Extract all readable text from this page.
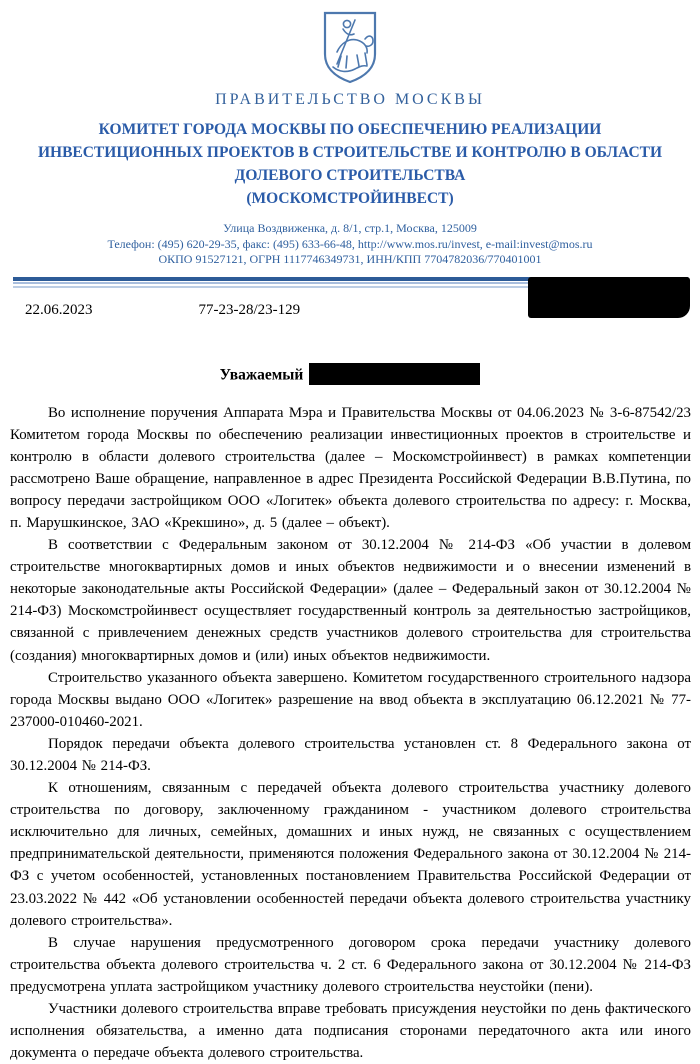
ПРАВИТЕЛЬСТВО МОСКВЫ
КОМИТЕТ ГОРОДА МОСКВЫ ПО ОБЕСПЕЧЕНИЮ РЕАЛИЗАЦИИ ИНВЕСТИЦИОННЫХ ПРОЕКТОВ В СТРОИТЕЛЬСТВЕ И КОНТРОЛЮ В ОБЛАСТИ ДОЛЕВОГО СТРОИТЕЛЬСТВА
(МОСКОМСТРОЙИНВЕСТ)
Улица Воздвиженка, д. 8/1, стр.1, Москва, 125009
Телефон: (495) 620-29-35, факс: (495) 633-66-48, http://www.mos.ru/invest, e-mail:invest@mos.ru
ОКПО 91527121, ОГРН 1117746349731, ИНН/КПП 7704782036/770401001
22.06.2023	77-23-28/23-129
Уважаемый

Во исполнение поручения Аппарата Мэра и Правительства Москвы от 04.06.2023 № 3-6-87542/23 Комитетом города Москвы по обеспечению реализации инвестиционных проектов в строительстве и контролю в области долевого строительства (далее – Москомстройинвест) в рамках компетенции рассмотрено Ваше обращение, направленное в адрес Президента Российской Федерации В.В.Путина, по вопросу передачи застройщиком ООО «Логитек» объекта долевого строительства по адресу: г. Москва, п. Марушкинское, ЗАО «Крекшино», д. 5 (далее – объект).

В соответствии с Федеральным законом от 30.12.2004 № 214-ФЗ «Об участии в долевом строительстве многоквартирных домов и иных объектов недвижимости и о внесении изменений в некоторые законодательные акты Российской Федерации» (далее – Федеральный закон от 30.12.2004 № 214-ФЗ) Москомстройинвест осуществляет государственный контроль за деятельностью застройщиков, связанной с привлечением денежных средств участников долевого строительства для строительства (создания) многоквартирных домов и (или) иных объектов недвижимости.

Строительство указанного объекта завершено. Комитетом государственного строительного надзора города Москвы выдано ООО «Логитек» разрешение на ввод объекта в эксплуатацию 06.12.2021 № 77-237000-010460-2021.

Порядок передачи объекта долевого строительства установлен ст. 8 Федерального закона от 30.12.2004 № 214-ФЗ.

К отношениям, связанным с передачей объекта долевого строительства участнику долевого строительства по договору, заключенному гражданином - участником долевого строительства исключительно для личных, семейных, домашних и иных нужд, не связанных с осуществлением предпринимательской деятельности, применяются положения Федерального закона от 30.12.2004 № 214-ФЗ с учетом особенностей, установленных постановлением Правительства Российской Федерации от 23.03.2022 № 442 «Об установлении особенностей передачи объекта долевого строительства участнику долевого строительства».

В случае нарушения предусмотренного договором срока передачи участнику долевого строительства объекта долевого строительства ч. 2 ст. 6 Федерального закона от 30.12.2004 № 214-ФЗ предусмотрена уплата застройщиком участнику долевого строительства неустойки (пени).

Участники долевого строительства вправе требовать присуждения неустойки по день фактического исполнения обязательства, а именно дата подписания сторонами передаточного акта или иного документа о передаче объекта долевого строительства.
